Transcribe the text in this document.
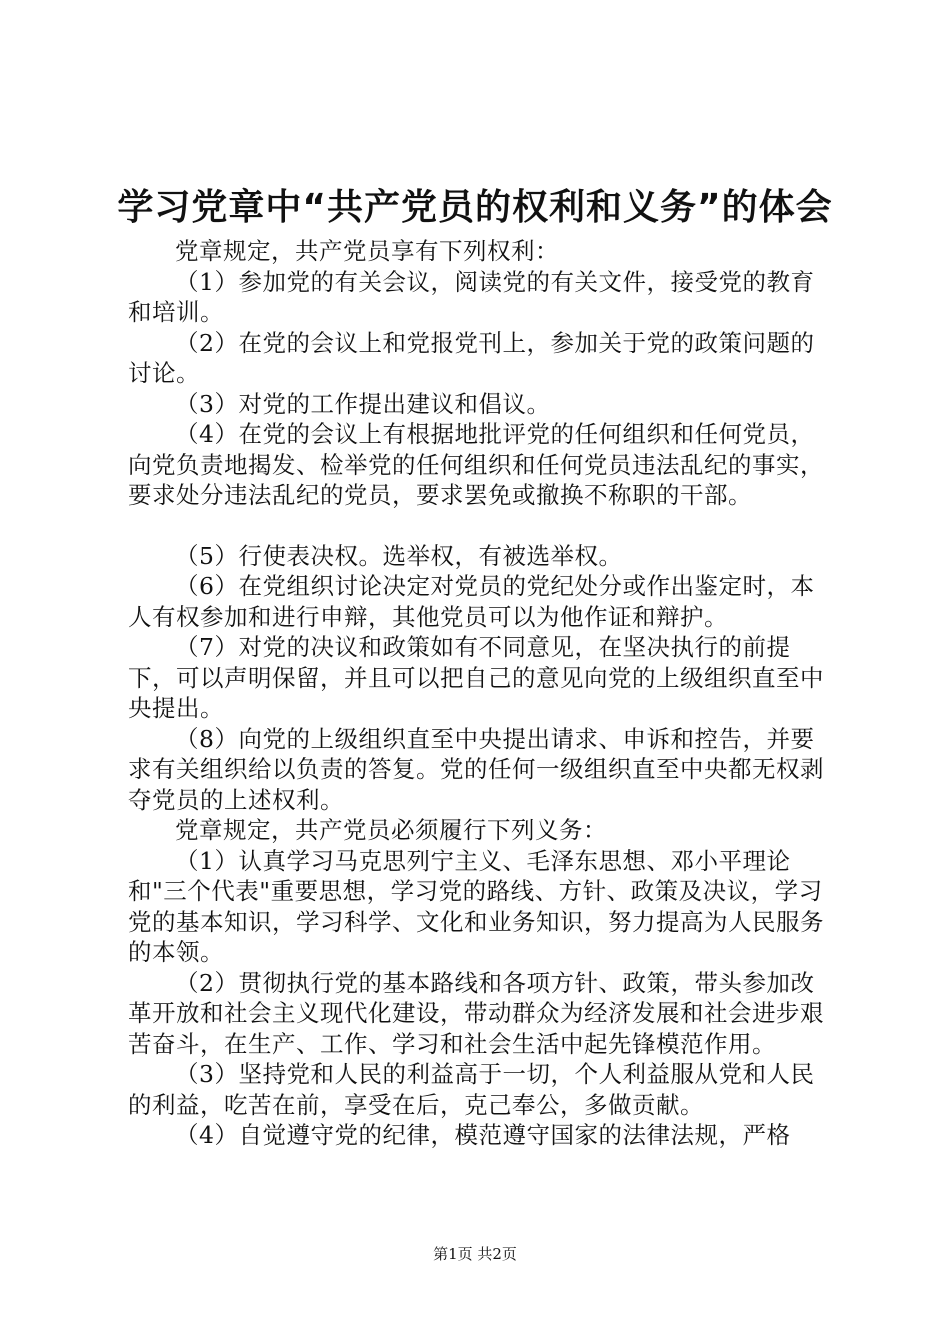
学习党章中“共产党员的权利和义务”的体会

党章规定，共产党员享有下列权利：

（1）参加党的有关会议，阅读党的有关文件，接受党的教育和培训。

（2）在党的会议上和党报党刊上，参加关于党的政策问题的讨论。

（3）对党的工作提出建议和倡议。

（4）在党的会议上有根据地批评党的任何组织和任何党员，向党负责地揭发、检举党的任何组织和任何党员违法乱纪的事实，要求处分违法乱纪的党员，要求罢免或撤换不称职的干部。

（5）行使表决权。选举权，有被选举权。

（6）在党组织讨论决定对党员的党纪处分或作出鉴定时，本人有权参加和进行申辩，其他党员可以为他作证和辩护。

（7）对党的决议和政策如有不同意见，在坚决执行的前提下，可以声明保留，并且可以把自己的意见向党的上级组织直至中央提出。

（8）向党的上级组织直至中央提出请求、申诉和控告，并要求有关组织给以负责的答复。党的任何一级组织直至中央都无权剥夺党员的上述权利。

党章规定，共产党员必须履行下列义务：

（1）认真学习马克思列宁主义、毛泽东思想、邓小平理论和"三个代表"重要思想，学习党的路线、方针、政策及决议，学习党的基本知识，学习科学、文化和业务知识，努力提高为人民服务的本领。

（2）贯彻执行党的基本路线和各项方针、政策，带头参加改革开放和社会主义现代化建设，带动群众为经济发展和社会进步艰苦奋斗，在生产、工作、学习和社会生活中起先锋模范作用。

（3）坚持党和人民的利益高于一切，个人利益服从党和人民的利益，吃苦在前，享受在后，克己奉公，多做贡献。

（4）自觉遵守党的纪律，模范遵守国家的法律法规，严格

第1页 共2页
